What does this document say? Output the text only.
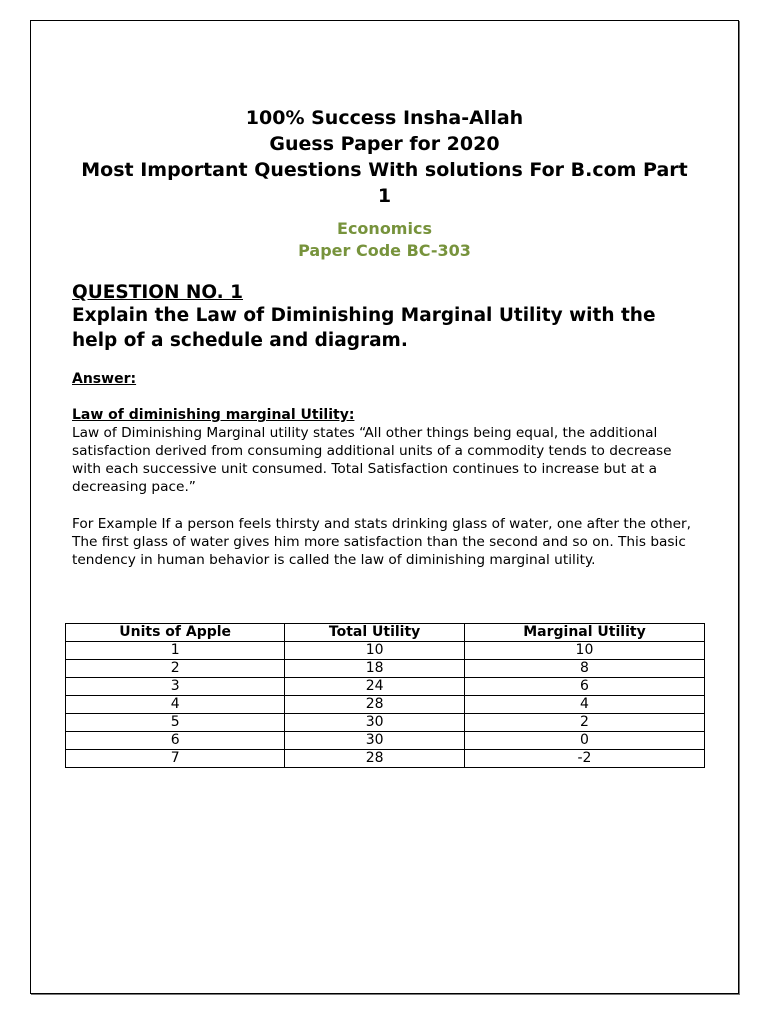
100% Success Insha-Allah
Guess Paper for 2020
Most Important Questions With solutions For B.com Part 1
Economics
Paper Code BC-303
QUESTION NO. 1
Explain the Law of Diminishing Marginal Utility with the help of a schedule and diagram.
Answer:
Law of diminishing marginal Utility:
Law of Diminishing Marginal utility states “All other things being equal, the additional satisfaction derived from consuming additional units of a commodity tends to decrease with each successive unit consumed. Total Satisfaction continues to increase but at a decreasing pace.”
For Example If a person feels thirsty and stats drinking glass of water, one after the other, The first glass of water gives him more satisfaction than the second and so on. This basic tendency in human behavior is called the law of diminishing marginal utility.
Units of Apple	Total Utility	Marginal Utility
1	10	10
2	18	8
3	24	6
4	28	4
5	30	2
6	30	0
7	28	-2
